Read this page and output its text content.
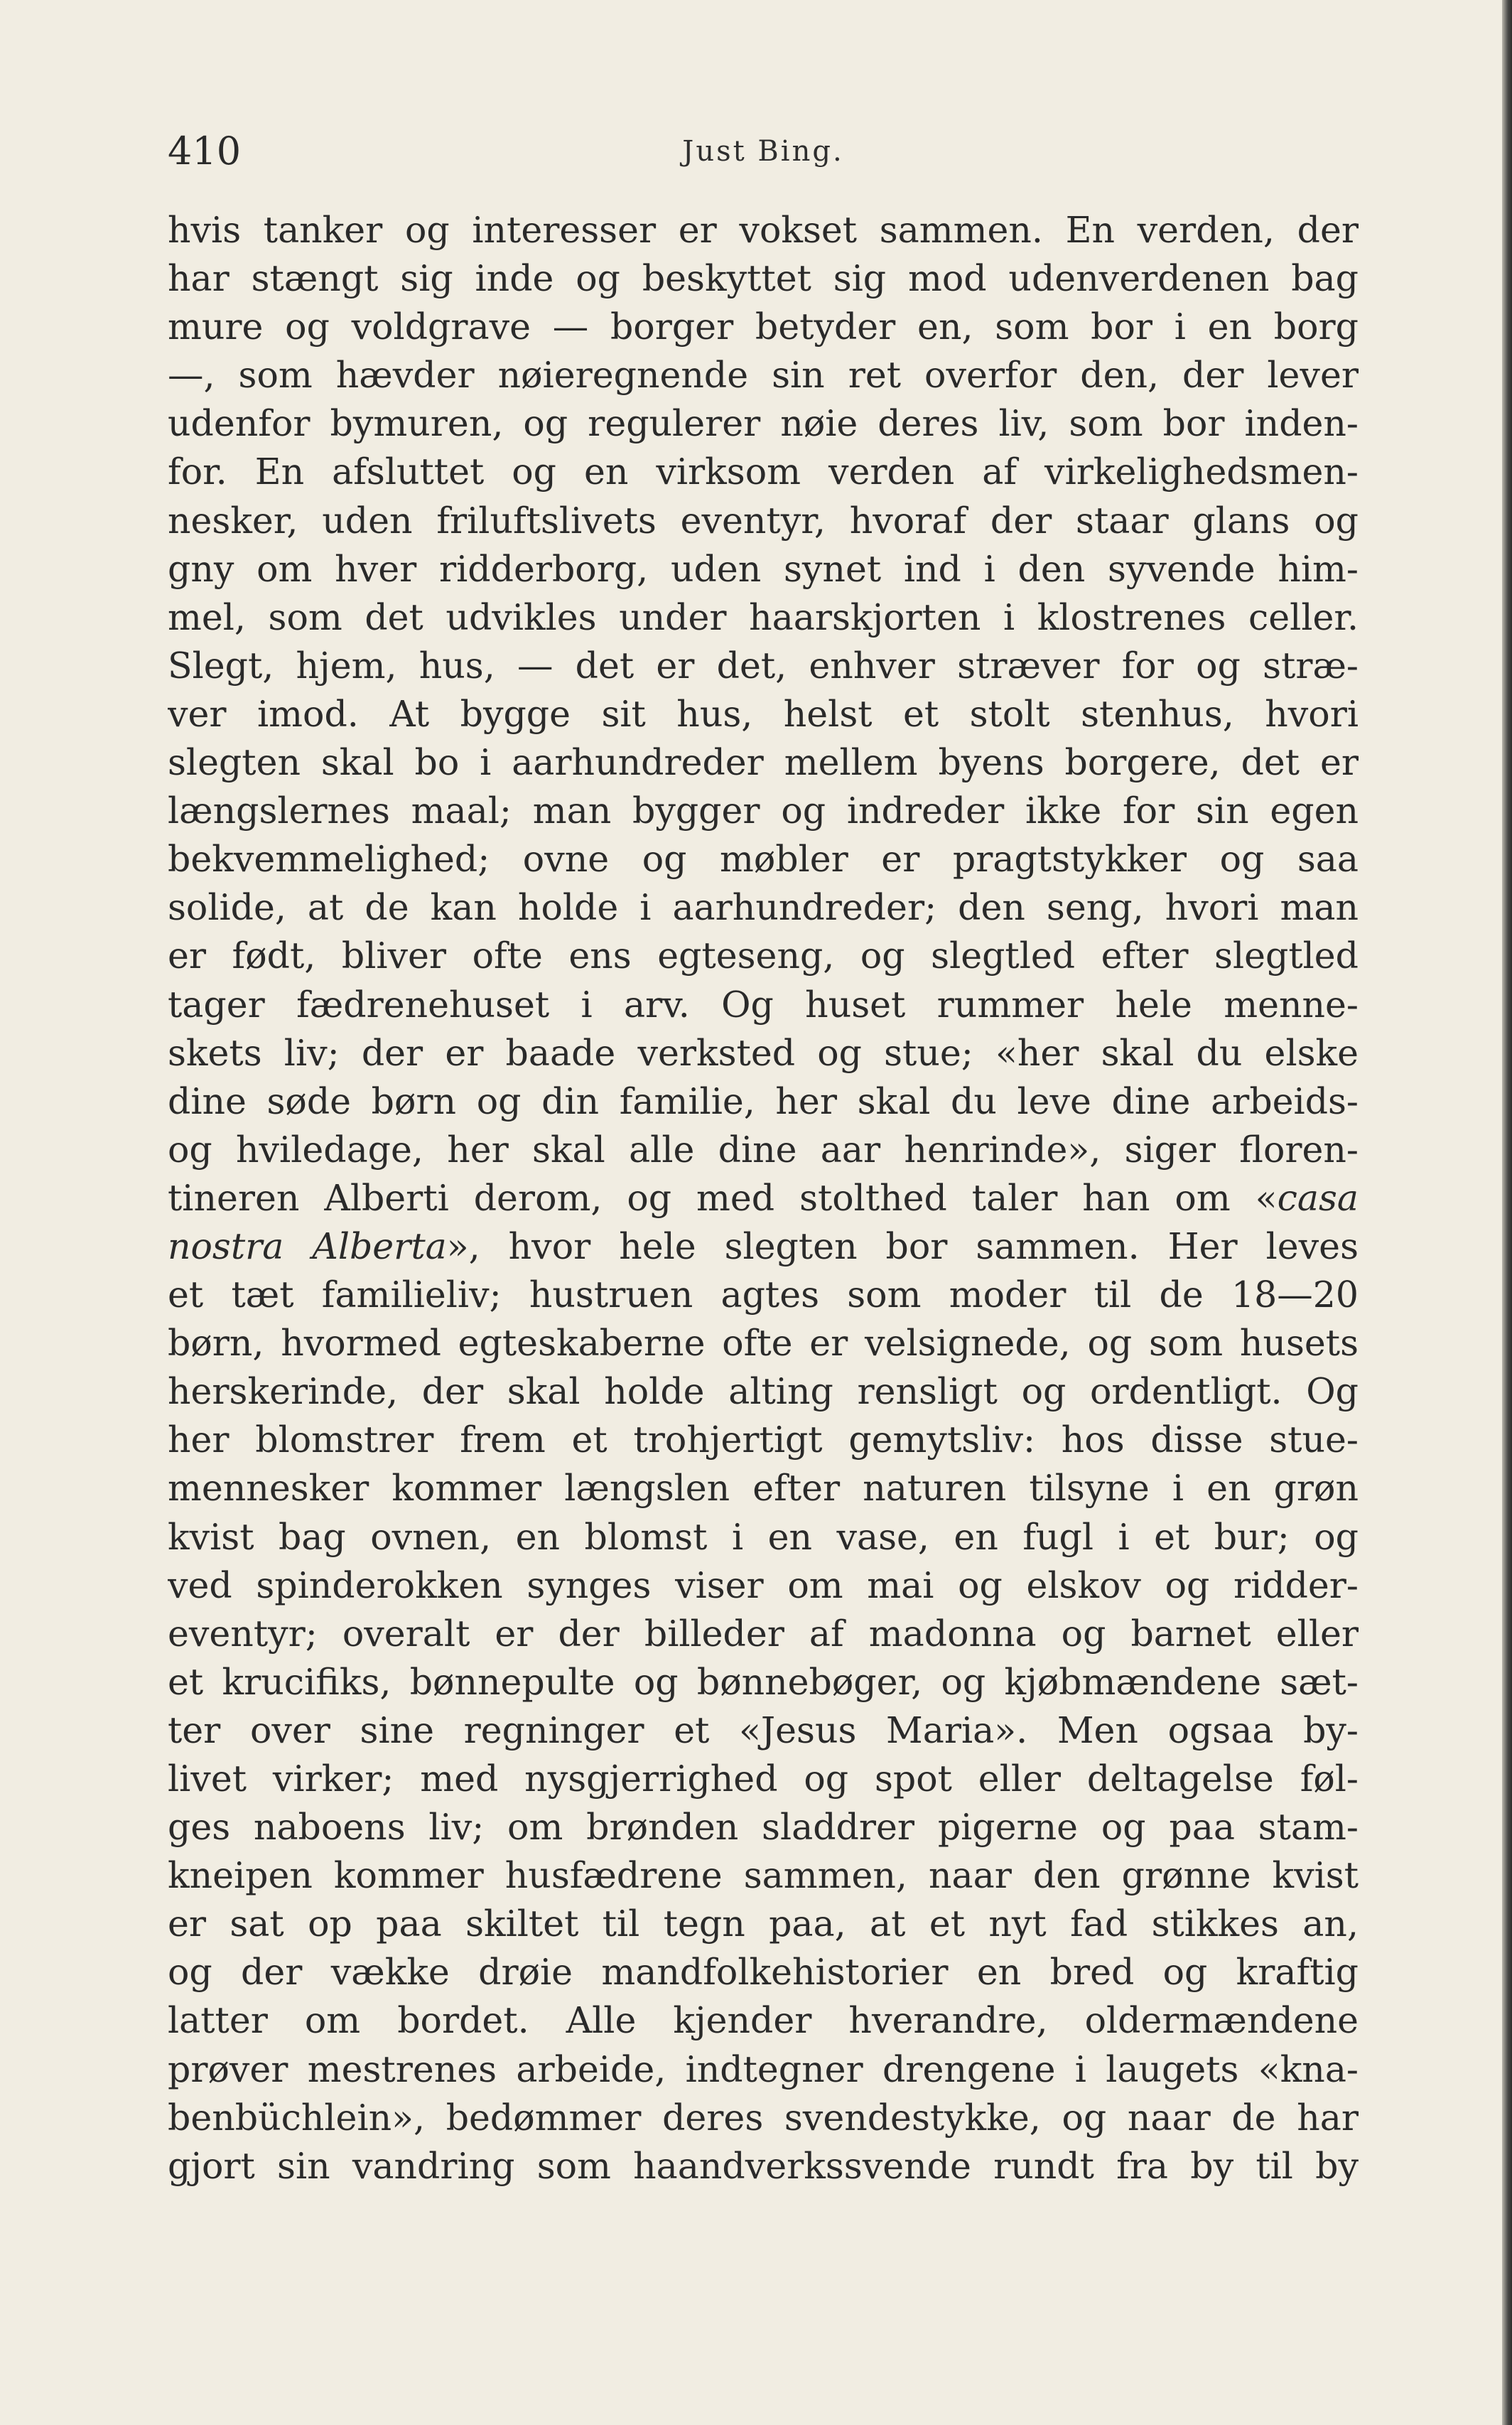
410	Just Bing.
hvis tanker og interesser er vokset sammen. En verden, der
har stængt sig inde og beskyttet sig mod udenverdenen bag
mure og voldgrave — borger betyder en, som bor i en borg
—, som hævder nøieregnende sin ret overfor den, der lever
udenfor bymuren, og regulerer nøie deres liv, som bor inden-
for. En afsluttet og en virksom verden af virkelighedsmen-
nesker, uden friluftslivets eventyr, hvoraf der staar glans og
gny om hver ridderborg, uden synet ind i den syvende him-
mel, som det udvikles under haarskjorten i klostrenes celler.
Slegt, hjem, hus, — det er det, enhver stræver for og stræ-
ver imod. At bygge sit hus, helst et stolt stenhus, hvori
slegten skal bo i aarhundreder mellem byens borgere, det er
længslernes maal; man bygger og indreder ikke for sin egen
bekvemmelighed; ovne og møbler er pragtstykker og saa
solide, at de kan holde i aarhundreder; den seng, hvori man
er født, bliver ofte ens egteseng, og slegtled efter slegtled
tager fædrenehuset i arv. Og huset rummer hele menne-
skets liv; der er baade verksted og stue; «her skal du elske
dine søde børn og din familie, her skal du leve dine arbeids-
og hviledage, her skal alle dine aar henrinde», siger floren-
tineren Alberti derom, og med stolthed taler han om «casa
nostra Alberta», hvor hele slegten bor sammen. Her leves
et tæt familieliv; hustruen agtes som moder til de 18—20
børn, hvormed egteskaberne ofte er velsignede, og som husets
herskerinde, der skal holde alting rensligt og ordentligt. Og
her blomstrer frem et trohjertigt gemytsliv: hos disse stue-
mennesker kommer længslen efter naturen tilsyne i en grøn
kvist bag ovnen, en blomst i en vase, en fugl i et bur; og
ved spinderokken synges viser om mai og elskov og ridder-
eventyr; overalt er der billeder af madonna og barnet eller
et krucifiks, bønnepulte og bønnebøger, og kjøbmændene sæt-
ter over sine regninger et «Jesus Maria». Men ogsaa by-
livet virker; med nysgjerrighed og spot eller deltagelse føl-
ges naboens liv; om brønden sladdrer pigerne og paa stam-
kneipen kommer husfædrene sammen, naar den grønne kvist
er sat op paa skiltet til tegn paa, at et nyt fad stikkes an,
og der vække drøie mandfolkehistorier en bred og kraftig
latter om bordet. Alle kjender hverandre, oldermændene
prøver mestrenes arbeide, indtegner drengene i laugets «kna-
benbüchlein», bedømmer deres svendestykke, og naar de har
gjort sin vandring som haandverkssvende rundt fra by til by
